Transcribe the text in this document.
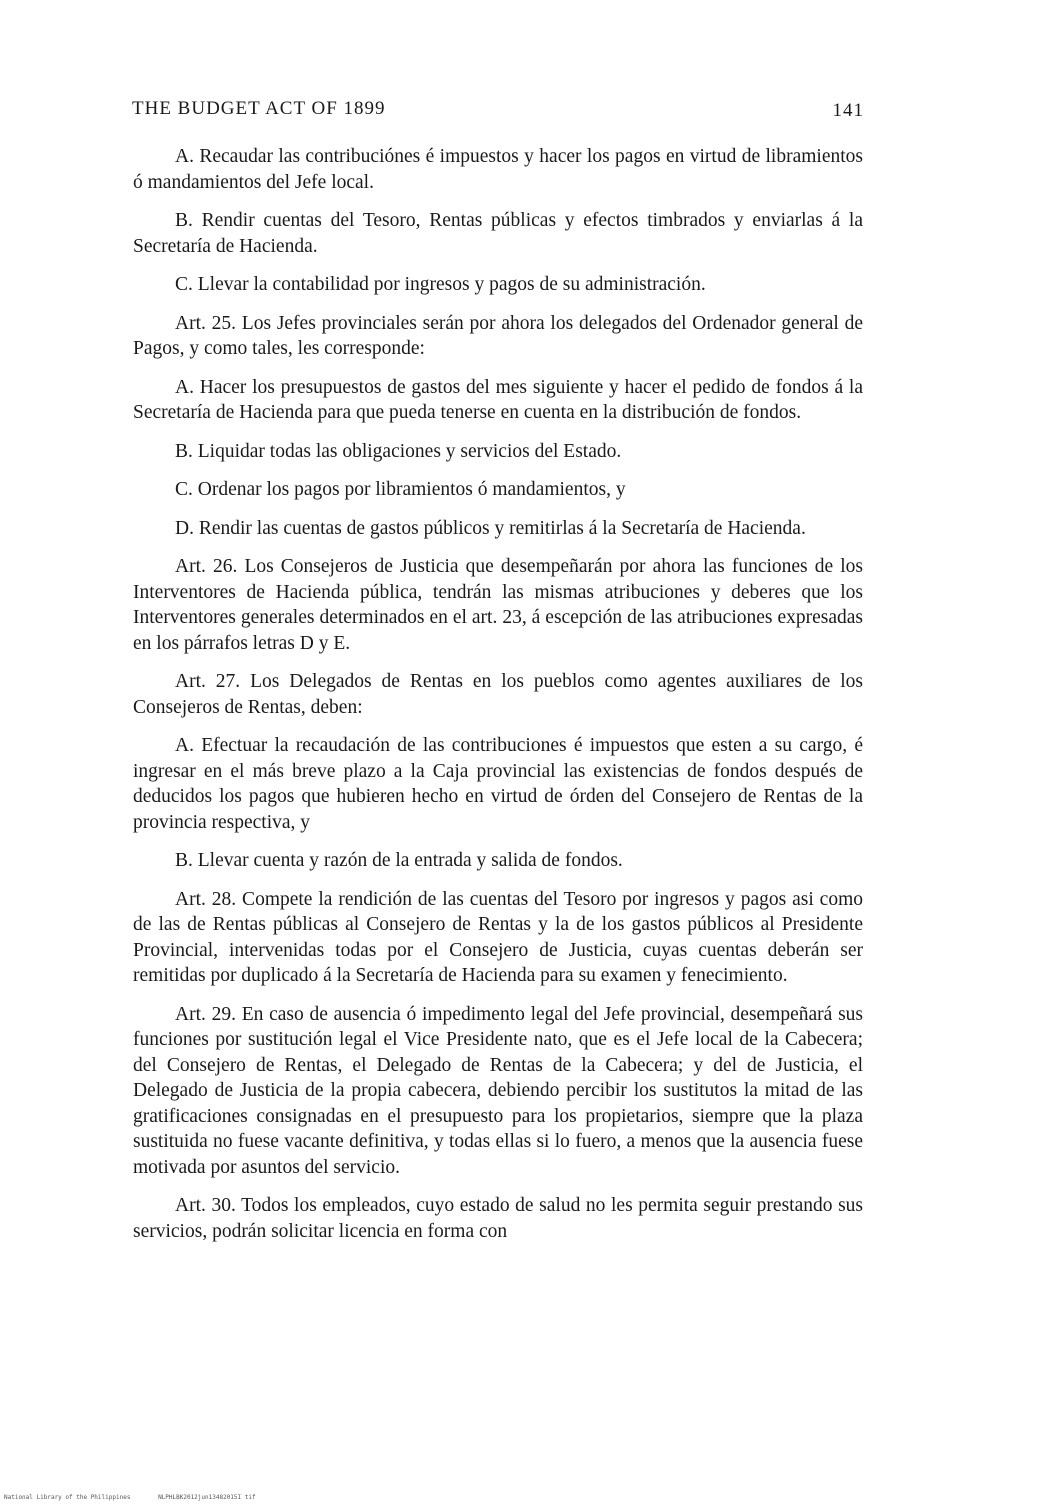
THE BUDGET ACT OF 1899	141

A. Recaudar las contribuciónes é impuestos y hacer los pagos en virtud de libramientos ó mandamientos del Jefe local.

B. Rendir cuentas del Tesoro, Rentas públicas y efectos timbrados y enviarlas á la Secretaría de Hacienda.

C. Llevar la contabilidad por ingresos y pagos de su administración.

Art. 25. Los Jefes provinciales serán por ahora los delegados del Ordenador general de Pagos, y como tales, les corresponde:

A. Hacer los presupuestos de gastos del mes siguiente y hacer el pedido de fondos á la Secretaría de Hacienda para que pueda tenerse en cuenta en la distribución de fondos.

B. Liquidar todas las obligaciones y servicios del Estado.

C. Ordenar los pagos por libramientos ó mandamientos, y

D. Rendir las cuentas de gastos públicos y remitirlas á la Secretaría de Hacienda.

Art. 26. Los Consejeros de Justicia que desempeñarán por ahora las funciones de los Interventores de Hacienda pública, tendrán las mismas atribuciones y deberes que los Interventores generales determinados en el art. 23, á escepción de las atribuciones expresadas en los párrafos letras D y E.

Art. 27. Los Delegados de Rentas en los pueblos como agentes auxiliares de los Consejeros de Rentas, deben:

A. Efectuar la recaudación de las contribuciones é impuestos que esten a su cargo, é ingresar en el más breve plazo a la Caja provincial las existencias de fondos después de deducidos los pagos que hubieren hecho en virtud de órden del Consejero de Rentas de la provincia respectiva, y

B. Llevar cuenta y razón de la entrada y salida de fondos.

Art. 28. Compete la rendición de las cuentas del Tesoro por ingresos y pagos asi como de las de Rentas públicas al Consejero de Rentas y la de los gastos públicos al Presidente Provincial, intervenidas todas por el Consejero de Justicia, cuyas cuentas deberán ser remitidas por duplicado á la Secretaría de Hacienda para su examen y fenecimiento.

Art. 29. En caso de ausencia ó impedimento legal del Jefe provincial, desempeñará sus funciones por sustitución legal el Vice Presidente nato, que es el Jefe local de la Cabecera; del Consejero de Rentas, el Delegado de Rentas de la Cabecera; y del de Justicia, el Delegado de Justicia de la propia cabecera, debiendo percibir los sustitutos la mitad de las gratificaciones consignadas en el presupuesto para los propietarios, siempre que la plaza sustituida no fuese vacante definitiva, y todas ellas si lo fuero, a menos que la ausencia fuese motivada por asuntos del servicio.

Art. 30. Todos los empleados, cuyo estado de salud no les permita seguir prestando sus servicios, podrán solicitar licencia en forma con

National Library of the Philippines	NLPHLBK2012jun13482015I tif
